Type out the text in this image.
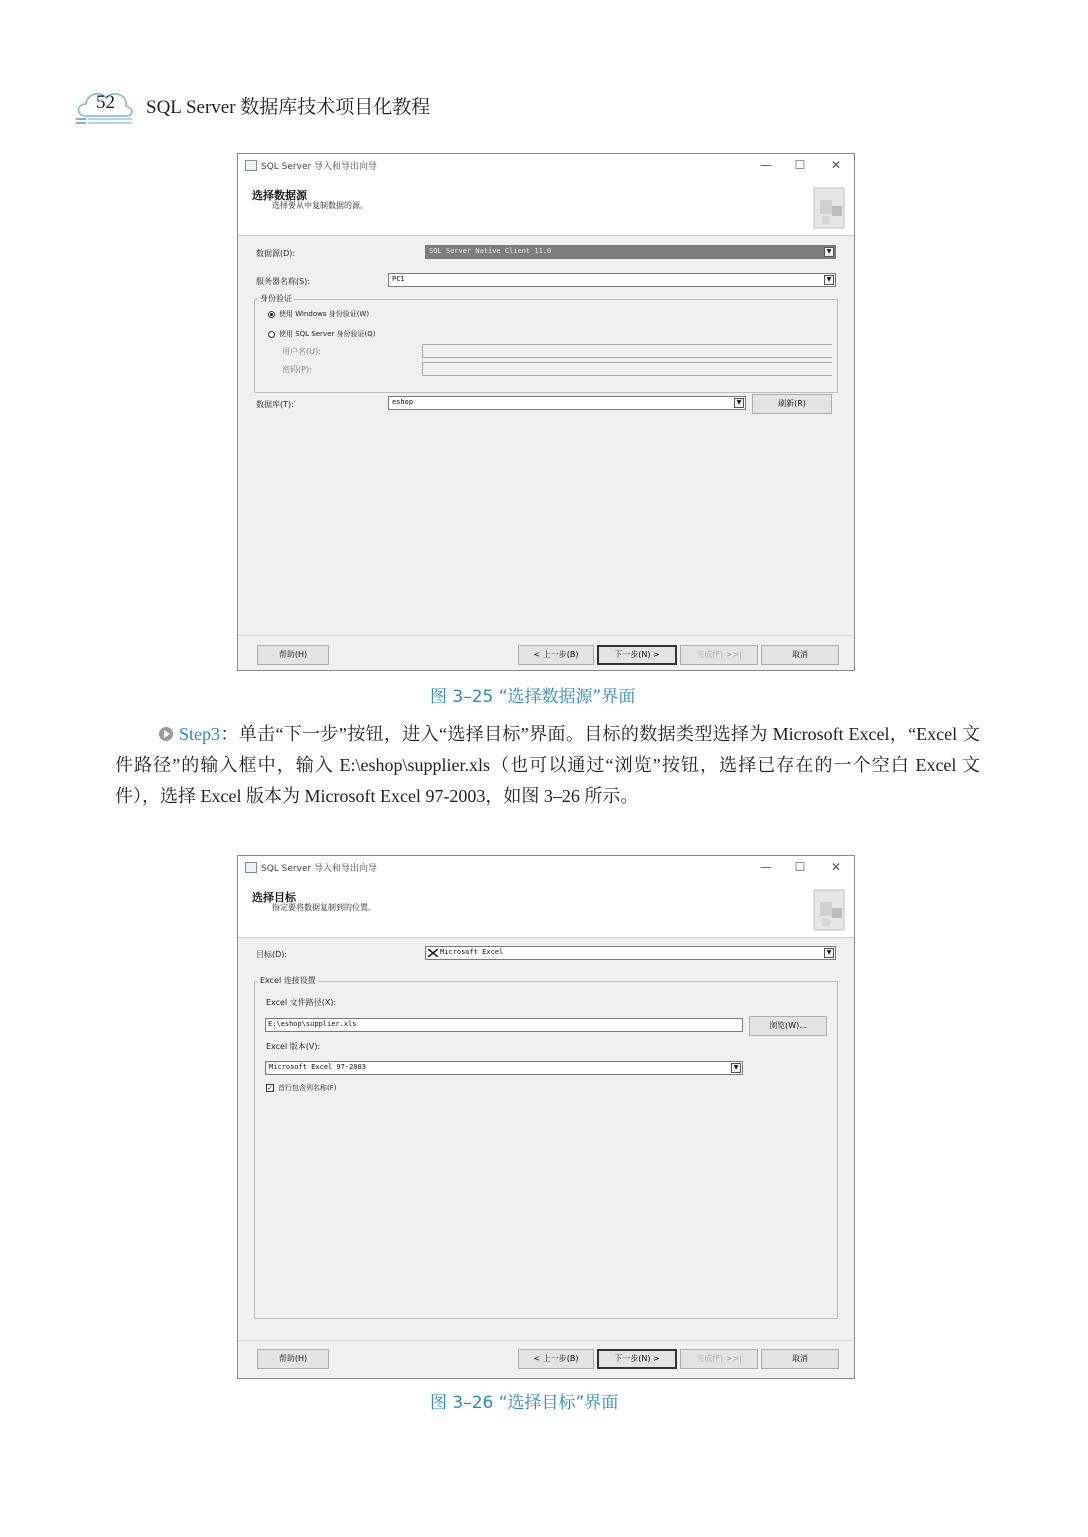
52 SQL Server 数据库技术项目化教程
SQL Server 导入和导出向导	—	☐	✕
选择数据源
选择要从中复制数据的源。
数据源(D):	SQL Server Native Client 11.0	▼
服务器名称(S):	PC1	▼
身份验证
使用 Windows 身份验证(W)
使用 SQL Server 身份验证(Q)
用户名(U):
密码(P):
数据库(T):	eshop	▼	刷新(R)
帮助(H)	< 上一步(B)	下一步(N) >	完成(F) >>|	取消
图 3–25 “选择数据源”界面
Step3：单击“下一步”按钮，进入“选择目标”界面。目标的数据类型选择为 Microsoft Excel，“Excel 文件路径”的输入框中，输入 E:\eshop\supplier.xls（也可以通过“浏览”按钮，选择已存在的一个空白 Excel 文件），选择 Excel 版本为 Microsoft Excel 97-2003，如图 3–26 所示。
SQL Server 导入和导出向导	—	☐	✕
选择目标
指定要将数据复制到的位置。
目标(D):	Microsoft Excel	▼
Excel 连接设置
Excel 文件路径(X):
E:\eshop\supplier.xls	浏览(W)...
Excel 版本(V):
Microsoft Excel 97-2003	▼
✓ 首行包含列名称(F)
帮助(H)	< 上一步(B)	下一步(N) >	完成(F) >>|	取消
图 3–26 “选择目标”界面
